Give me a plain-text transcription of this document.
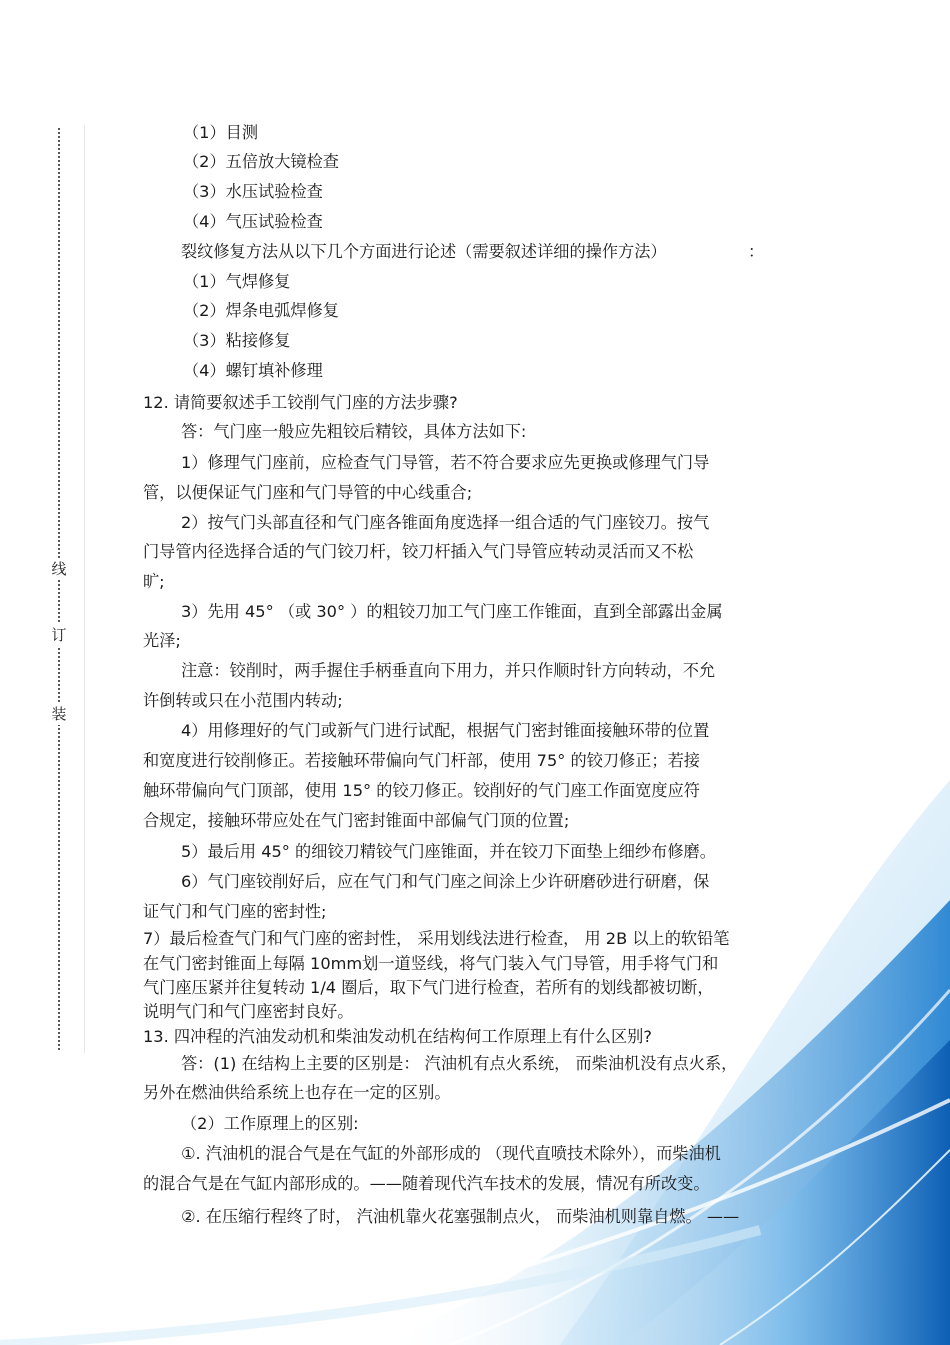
线
订
装
（1）目测
（2）五倍放大镜检查
（3）水压试验检查
（4）气压试验检查
裂纹修复方法从以下几个方面进行论述（需要叙述详细的操作方法）	：
（1）气焊修复
（2）焊条电弧焊修复
（3）粘接修复
（4）螺钉填补修理
12. 请简要叙述手工铰削气门座的方法步骤?
答：气门座一般应先粗铰后精铰，具体方法如下:
1）修理气门座前，应检查气门导管，若不符合要求应先更换或修理气门导
管，以便保证气门座和气门导管的中心线重合;
2）按气门头部直径和气门座各锥面角度选择一组合适的气门座铰刀。按气
门导管内径选择合适的气门铰刀杆，铰刀杆插入气门导管应转动灵活而又不松
旷;
3）先用 45° （或 30° ）的粗铰刀加工气门座工作锥面，直到全部露出金属
光泽;
注意：铰削时，两手握住手柄垂直向下用力，并只作顺时针方向转动，不允
许倒转或只在小范围内转动;
4）用修理好的气门或新气门进行试配，根据气门密封锥面接触环带的位置
和宽度进行铰削修正。若接触环带偏向气门杆部，使用 75° 的铰刀修正；若接
触环带偏向气门顶部，使用 15° 的铰刀修正。铰削好的气门座工作面宽度应符
合规定，接触环带应处在气门密封锥面中部偏气门顶的位置;
5）最后用 45° 的细铰刀精铰气门座锥面，并在铰刀下面垫上细纱布修磨。
6）气门座铰削好后，应在气门和气门座之间涂上少许研磨砂进行研磨，保
证气门和气门座的密封性;
7）最后检查气门和气门座的密封性， 采用划线法进行检查， 用 2B 以上的软铅笔
在气门密封锥面上每隔 10mm划一道竖线，将气门装入气门导管，用手将气门和
气门座压紧并往复转动 1/4 圈后，取下气门进行检查，若所有的划线都被切断，
说明气门和气门座密封良好。
13. 四冲程的汽油发动机和柴油发动机在结构何工作原理上有什么区别?
答：(1) 在结构上主要的区别是： 汽油机有点火系统， 而柴油机没有点火系，
另外在燃油供给系统上也存在一定的区别。
（2）工作原理上的区别:
①. 汽油机的混合气是在气缸的外部形成的 （现代直喷技术除外），而柴油机
的混合气是在气缸内部形成的。——随着现代汽车技术的发展，情况有所改变。
②. 在压缩行程终了时， 汽油机靠火花塞强制点火， 而柴油机则靠自燃。 ——
